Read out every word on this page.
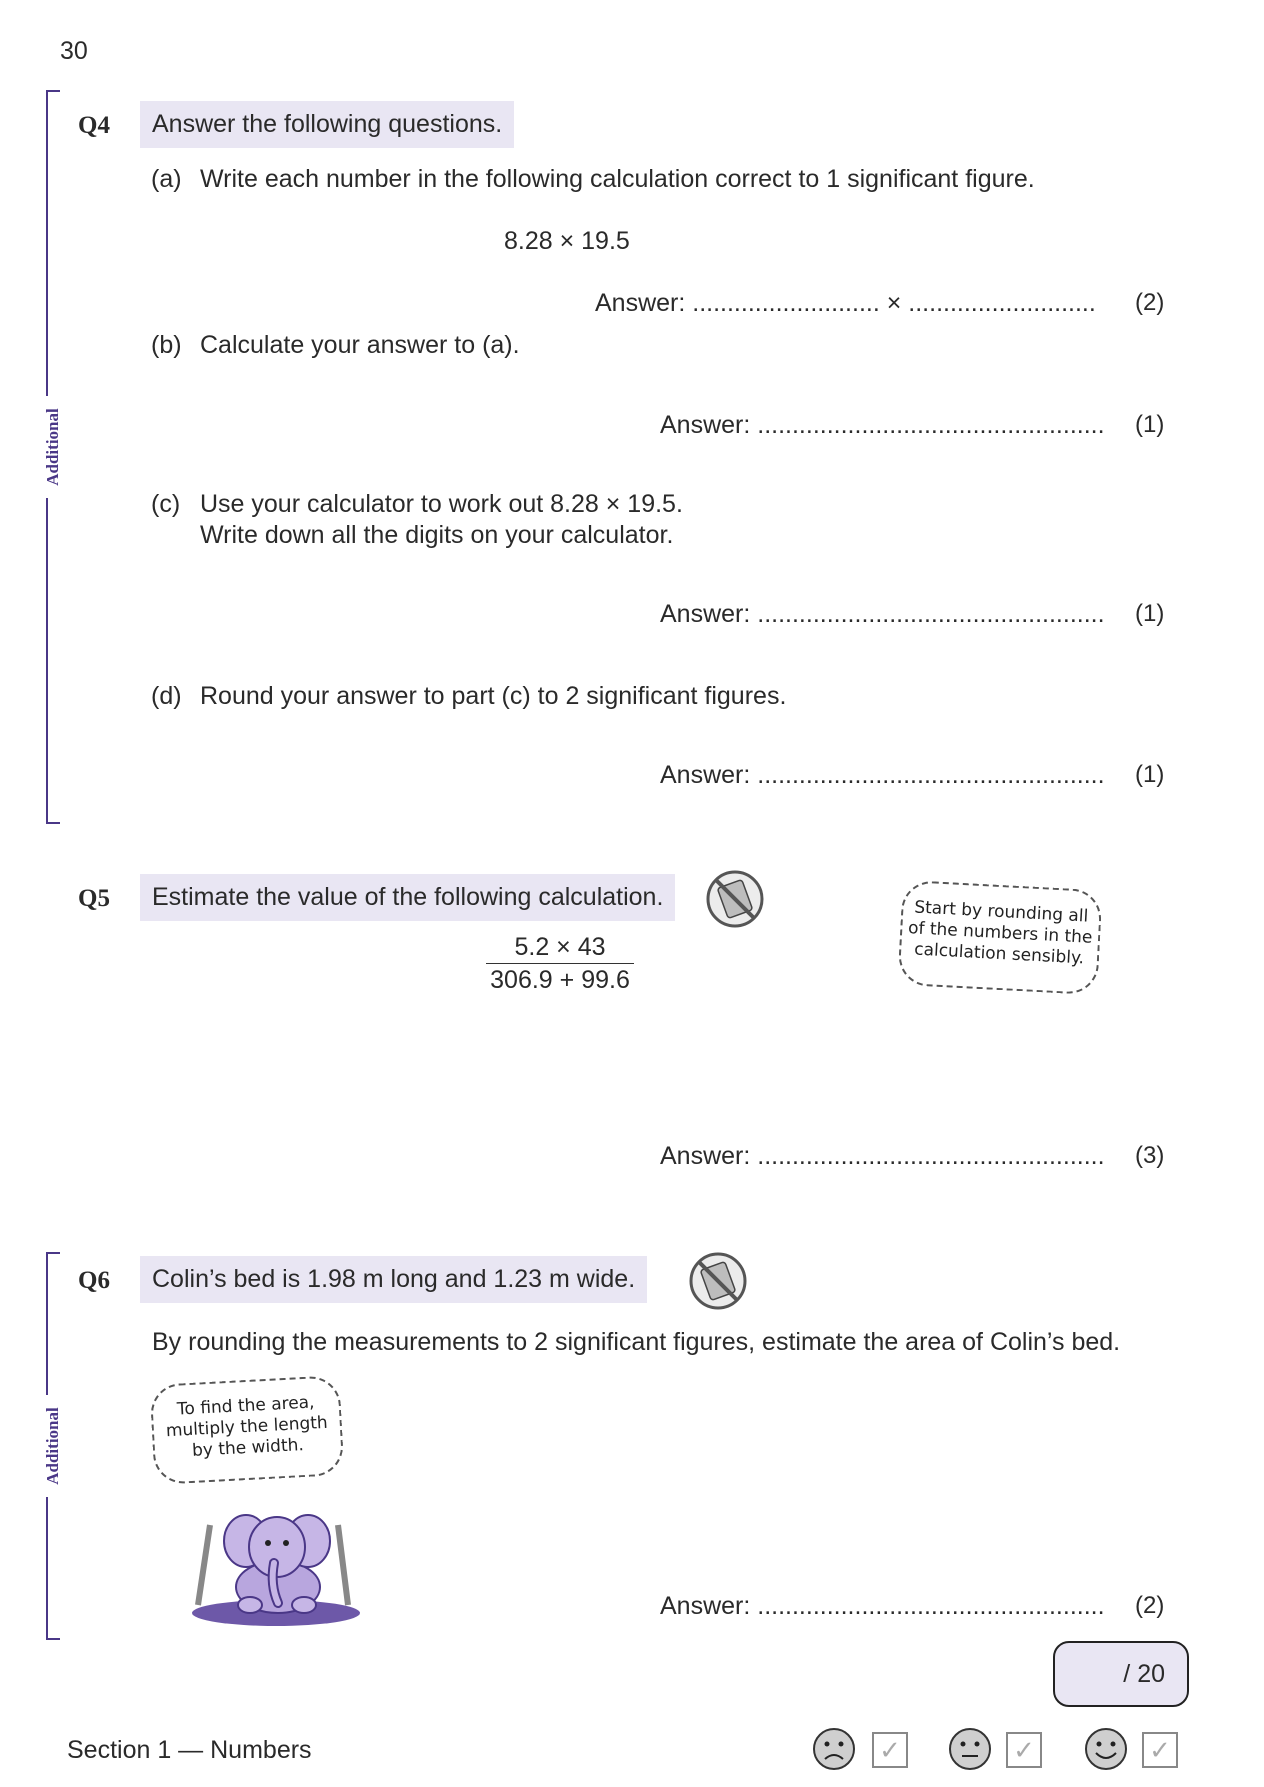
30
Additional
Q4	Answer the following questions.
(a) Write each number in the following calculation correct to 1 significant figure.
8.28 × 19.5
Answer: ........................... × ........................... (2)
(b) Calculate your answer to (a).
Answer: .................................................. (1)
(c) Use your calculator to work out 8.28 × 19.5.
Write down all the digits on your calculator.
Answer: .................................................. (1)
(d) Round your answer to part (c) to 2 significant figures.
Answer: .................................................. (1)
Q5	Estimate the value of the following calculation.
5.2 × 43
306.9 + 99.6
Start by rounding all
of the numbers in the
calculation sensibly.
Answer: .................................................. (3)
Additional
Q6	Colin’s bed is 1.98 m long and 1.23 m wide.
By rounding the measurements to 2 significant figures, estimate the area of Colin’s bed.
To find the area,
multiply the length
by the width.
Answer: .................................................. (2)
/ 20
Section 1 — Numbers	✓	✓	✓
